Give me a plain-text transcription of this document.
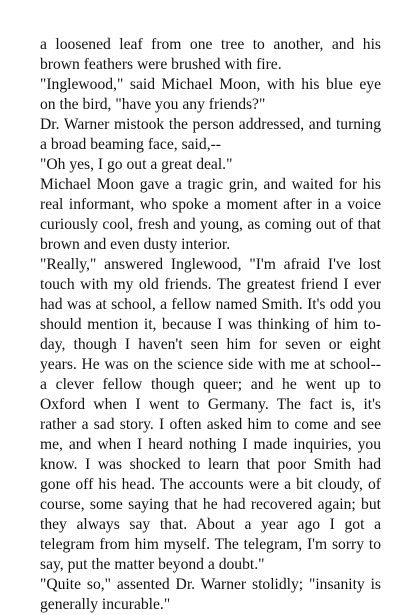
a loosened leaf from one tree to another, and his
brown feathers were brushed with fire.

"Inglewood," said Michael Moon, with his blue eye
on the bird, "have you any friends?"

Dr. Warner mistook the person addressed, and turning
a broad beaming face, said,--

"Oh yes, I go out a great deal."

Michael Moon gave a tragic grin, and waited for his
real informant, who spoke a moment after in a voice
curiously cool, fresh and young, as coming out of that
brown and even dusty interior.

"Really," answered Inglewood, "I'm afraid I've lost
touch with my old friends. The greatest friend I ever
had was at school, a fellow named Smith. It's odd you
should mention it, because I was thinking of him to-
day, though I haven't seen him for seven or eight
years. He was on the science side with me at school--
a clever fellow though queer; and he went up to
Oxford when I went to Germany. The fact is, it's
rather a sad story. I often asked him to come and see
me, and when I heard nothing I made inquiries, you
know. I was shocked to learn that poor Smith had
gone off his head. The accounts were a bit cloudy, of
course, some saying that he had recovered again; but
they always say that. About a year ago I got a
telegram from him myself. The telegram, I'm sorry to
say, put the matter beyond a doubt."

"Quite so," assented Dr. Warner stolidly; "insanity is
generally incurable."
